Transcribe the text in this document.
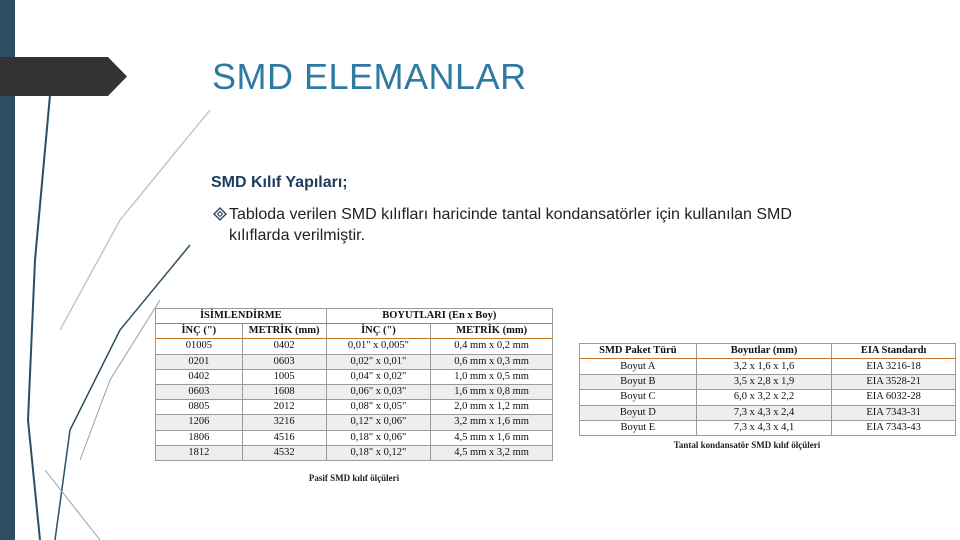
SMD ELEMANLAR
SMD Kılıf Yapıları;
Tabloda verilen SMD kılıfları haricinde tantal kondansatörler için kullanılan SMD
kılıflarda verilmiştir.
İSİMLENDİRME		BOYUTLARI (En x Boy)	
İNÇ (")	METRİK (mm)	İNÇ (")	METRİK (mm)
01005	0402	0,01" x 0,005"	0,4 mm x 0,2 mm
0201	0603	0,02" x 0,01"	0,6 mm x 0,3 mm
0402	1005	0,04" x 0,02"	1,0 mm x 0,5 mm
0603	1608	0,06" x 0,03"	1,6 mm x 0,8 mm
0805	2012	0,08" x 0,05"	2,0 mm x 1,2 mm
1206	3216	0,12" x 0,06"	3,2 mm x 1,6 mm
1806	4516	0,18" x 0,06"	4,5 mm x 1,6 mm
1812	4532	0,18" x 0,12"	4,5 mm x 3,2 mm
Pasif SMD kılıf ölçüleri
SMD Paket Türü	Boyutlar (mm)	EIA Standardı
Boyut A	3,2 x 1,6 x 1,6	EIA 3216-18
Boyut B	3,5 x 2,8 x 1,9	EIA 3528-21
Boyut C	6,0 x 3,2 x 2,2	EIA 6032-28
Boyut D	7,3 x 4,3 x 2,4	EIA 7343-31
Boyut E	7,3 x 4,3 x 4,1	EIA 7343-43
Tantal kondansatör SMD kılıf ölçüleri
